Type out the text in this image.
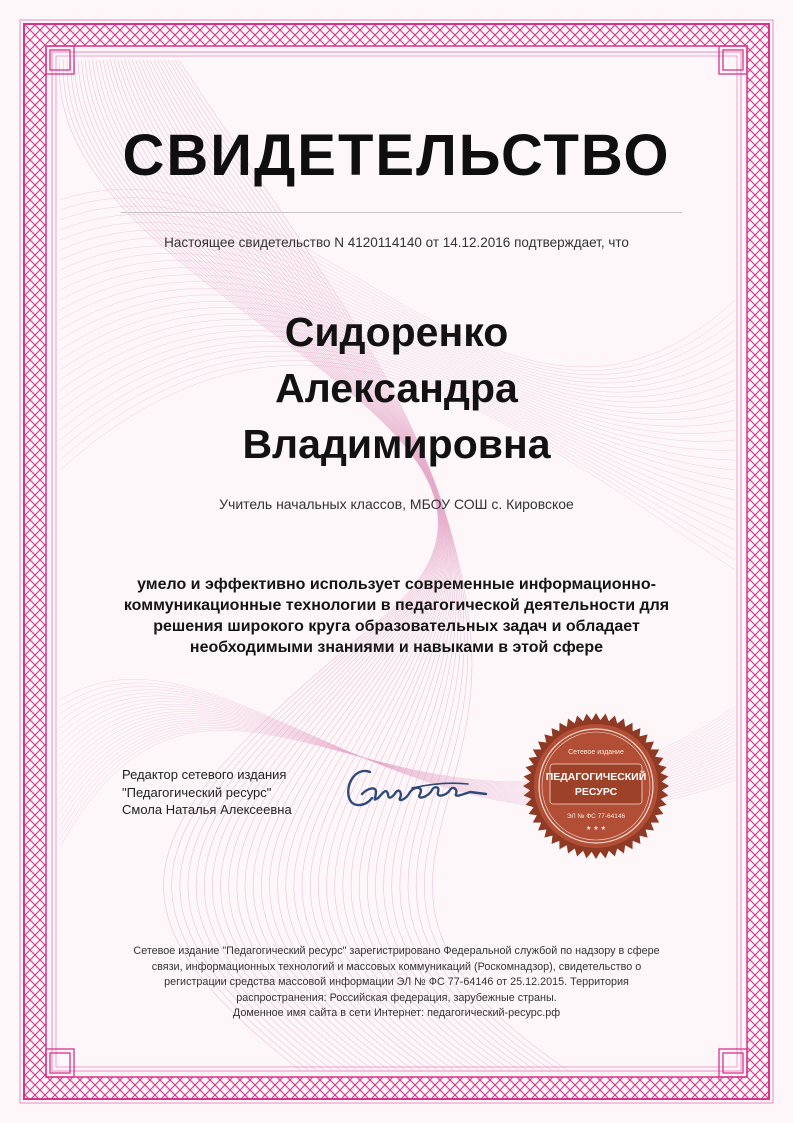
СВИДЕТЕЛЬСТВО
Настоящее свидетельство N 4120114140 от 14.12.2016 подтверждает, что
Сидоренко
Александра
Владимировна
Учитель начальных классов, МБОУ СОШ с. Кировское
умело и эффективно использует современные информационно-коммуникационные технологии в педагогической деятельности для решения широкого круга образовательных задач и обладает необходимыми знаниями и навыками в этой сфере
Редактор сетевого издания
"Педагогический ресурс"
Смола Наталья Алексеевна
Сетевое издание
ПЕДАГОГИЧЕСКИЙ
РЕСУРС
ЭЛ № ФС 77-64146
★ ★ ★
Сетевое издание "Педагогический ресурс" зарегистрировано Федеральной службой по надзору в сфере
связи, информационных технологий и массовых коммуникаций (Роскомнадзор), свидетельство о
регистрации средства массовой информации ЭЛ № ФС 77-64146 от 25.12.2015. Территория
распространения: Российская федерация, зарубежные страны.
Доменное имя сайта в сети Интернет: педагогический-ресурс.рф
